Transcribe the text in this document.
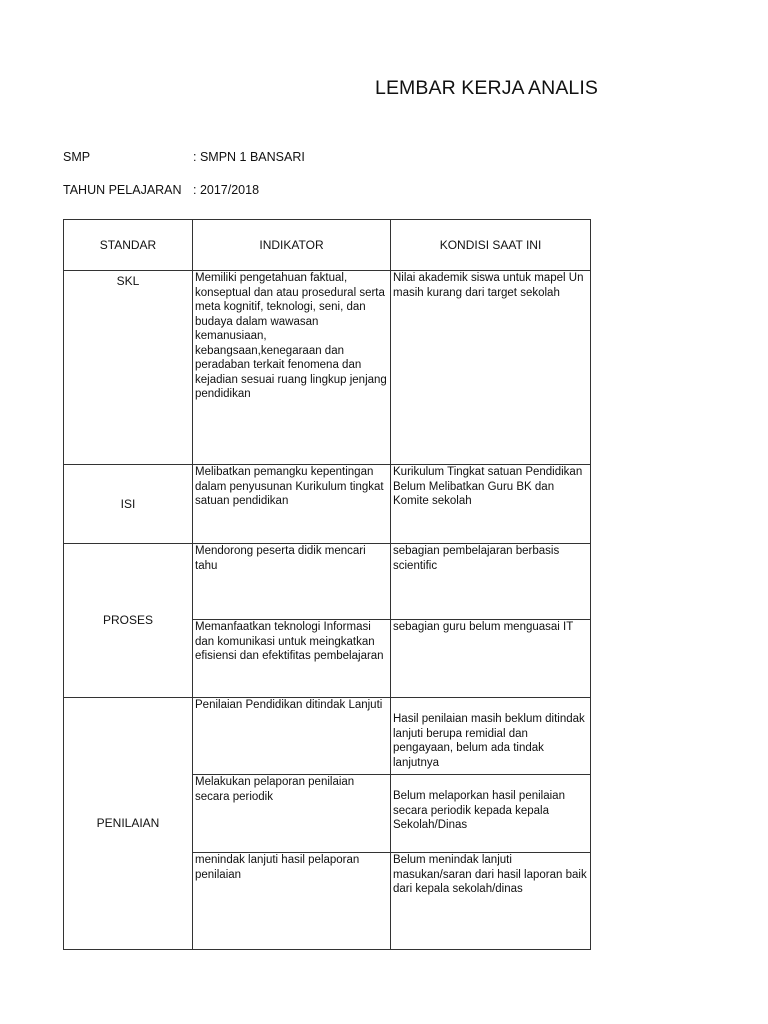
LEMBAR KERJA ANALIS
SMP	: SMPN 1 BANSARI
TAHUN PELAJARAN : 2017/2018
STANDAR	INDIKATOR	KONDISI SAAT INI
SKL	Memiliki pengetahuan faktual, konseptual dan atau prosedural serta meta kognitif, teknologi, seni, dan budaya dalam wawasan kemanusiaan, kebangsaan,kenegaraan dan peradaban terkait fenomena dan kejadian sesuai ruang lingkup jenjang pendidikan	Nilai akademik siswa untuk mapel Un masih kurang dari target sekolah
ISI	Melibatkan pemangku kepentingan dalam penyusunan Kurikulum tingkat satuan pendidikan	Kurikulum Tingkat satuan Pendidikan Belum Melibatkan Guru BK dan Komite sekolah
PROSES	Mendorong peserta didik mencari tahu	sebagian pembelajaran berbasis scientific
	Memanfaatkan teknologi Informasi dan komunikasi untuk meingkatkan efisiensi dan efektifitas pembelajaran	sebagian guru belum menguasai IT
PENILAIAN	Penilaian Pendidikan ditindak Lanjuti	Hasil penilaian masih beklum ditindak lanjuti berupa remidial dan pengayaan, belum ada tindak lanjutnya
	Melakukan pelaporan penilaian secara periodik	Belum melaporkan hasil penilaian secara periodik kepada kepala Sekolah/Dinas
	menindak lanjuti hasil pelaporan penilaian	Belum menindak lanjuti masukan/saran dari hasil laporan baik dari kepala sekolah/dinas
